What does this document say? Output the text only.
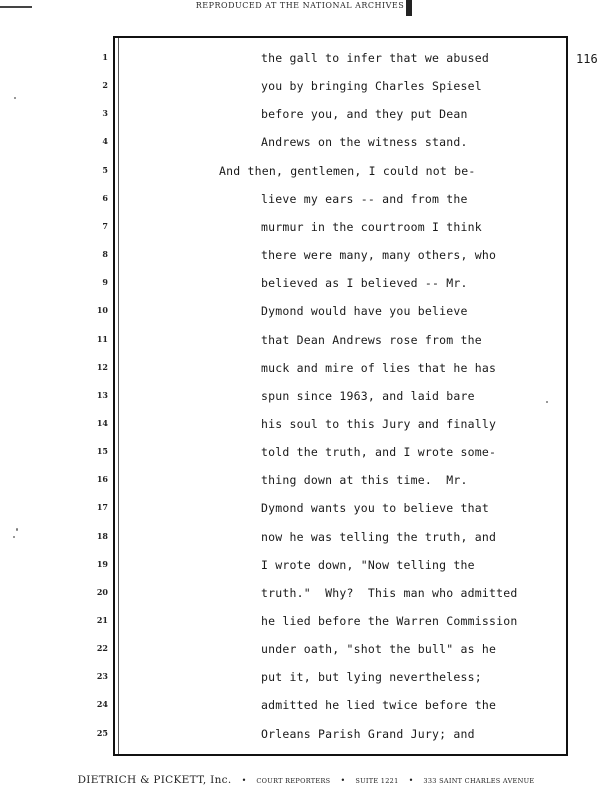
REPRODUCED AT THE NATIONAL ARCHIVES
116
1	the gall to infer that we abused
2	you by bringing Charles Spiesel
3	before you, and they put Dean
4	Andrews on the witness stand.
5	And then, gentlemen, I could not be-
6	lieve my ears -- and from the
7	murmur in the courtroom I think
8	there were many, many others, who
9	believed as I believed -- Mr.
10	Dymond would have you believe
11	that Dean Andrews rose from the
12	muck and mire of lies that he has
13	spun since 1963, and laid bare
14	his soul to this Jury and finally
15	told the truth, and I wrote some-
16	thing down at this time.  Mr.
17	Dymond wants you to believe that
18	now he was telling the truth, and
19	I wrote down, "Now telling the
20	truth."  Why?  This man who admitted
21	he lied before the Warren Commission
22	under oath, "shot the bull" as he
23	put it, but lying nevertheless;
24	admitted he lied twice before the
25	Orleans Parish Grand Jury; and
DIETRICH & PICKETT, Inc. • COURT REPORTERS • SUITE 1221 • 333 SAINT CHARLES AVENUE
